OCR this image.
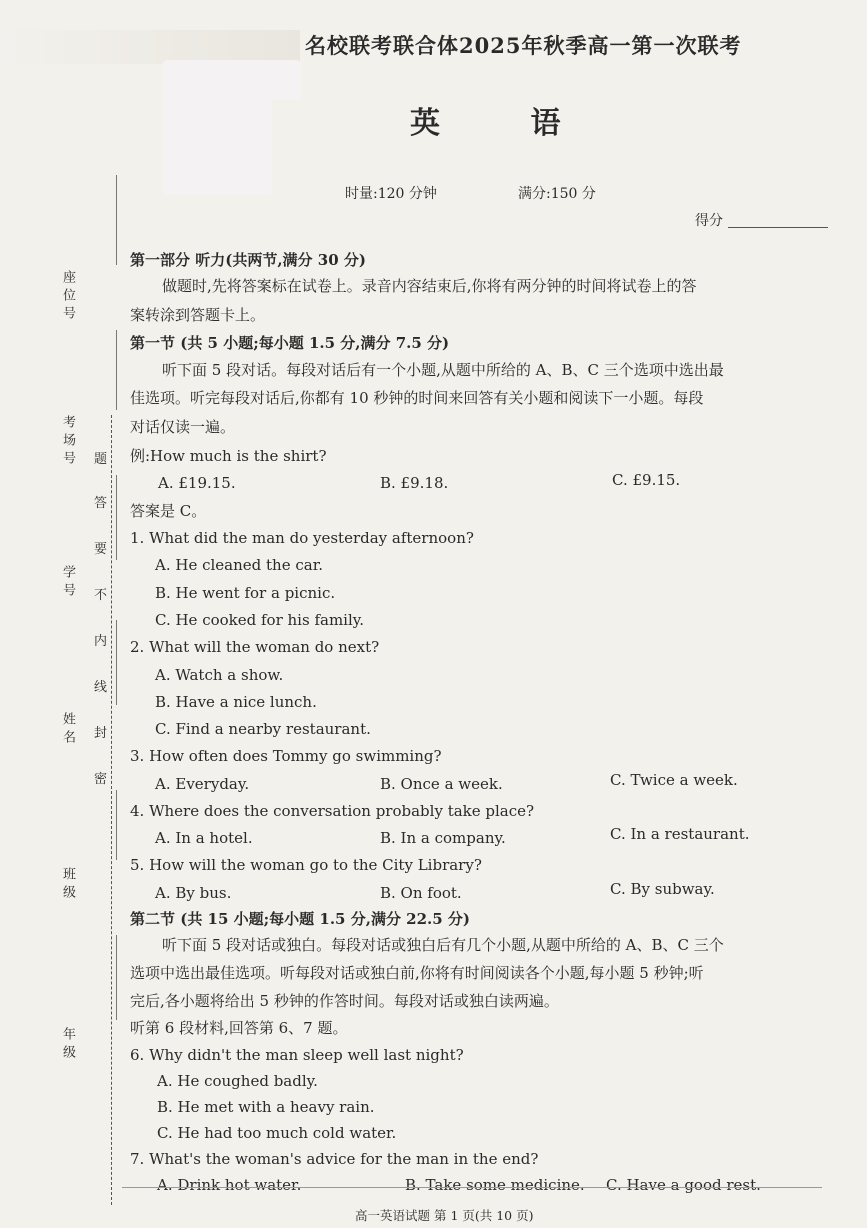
名校联考联合体2025年秋季高一第一次联考
英 语
时量:120 分钟	满分:150 分
得分
座位号
考场号
学号
姓名
班级
年级
题
答
要
不
内
线
封
密
第一部分 听力(共两节,满分 30 分)
做题时,先将答案标在试卷上。录音内容结束后,你将有两分钟的时间将试卷上的答
案转涂到答题卡上。
第一节 (共 5 小题;每小题 1.5 分,满分 7.5 分)
听下面 5 段对话。每段对话后有一个小题,从题中所给的 A、B、C 三个选项中选出最
佳选项。听完每段对话后,你都有 10 秒钟的时间来回答有关小题和阅读下一小题。每段
对话仅读一遍。
例:How much is the shirt?
A. £19.15.	B. £9.18.	C. £9.15.
答案是 C。
1. What did the man do yesterday afternoon?
A. He cleaned the car.
B. He went for a picnic.
C. He cooked for his family.
2. What will the woman do next?
A. Watch a show.
B. Have a nice lunch.
C. Find a nearby restaurant.
3. How often does Tommy go swimming?
A. Everyday.	B. Once a week.	C. Twice a week.
4. Where does the conversation probably take place?
A. In a hotel.	B. In a company.	C. In a restaurant.
5. How will the woman go to the City Library?
A. By bus.	B. On foot.	C. By subway.
第二节 (共 15 小题;每小题 1.5 分,满分 22.5 分)
听下面 5 段对话或独白。每段对话或独白后有几个小题,从题中所给的 A、B、C 三个
选项中选出最佳选项。听每段对话或独白前,你将有时间阅读各个小题,每小题 5 秒钟;听
完后,各小题将给出 5 秒钟的作答时间。每段对话或独白读两遍。
听第 6 段材料,回答第 6、7 题。
6. Why didn't the man sleep well last night?
A. He coughed badly.
B. He met with a heavy rain.
C. He had too much cold water.
7. What's the woman's advice for the man in the end?
A. Drink hot water.	B. Take some medicine. C. Have a good rest.
高一英语试题 第 1 页(共 10 页)
